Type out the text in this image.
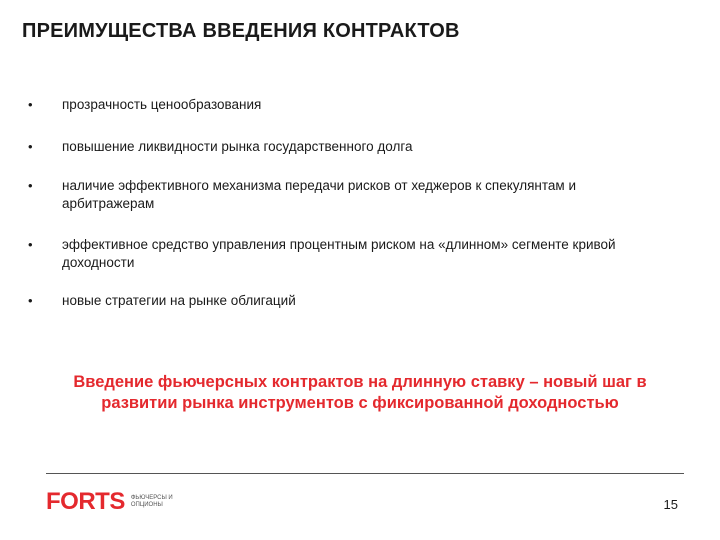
ПРЕИМУЩЕСТВА ВВЕДЕНИЯ КОНТРАКТОВ
• прозрачность ценообразования
• повышение ликвидности рынка государственного долга
• наличие эффективного механизма передачи рисков от хеджеров к спекулянтам и арбитражерам
• эффективное средство управления процентным риском на «длинном» сегменте кривой доходности
• новые стратегии на рынке облигаций
Введение фьючерсных контрактов на длинную ставку – новый шаг в развитии рынка инструментов с фиксированной доходностью
FORTS ФЬЮЧЕРСЫ И ОПЦИОНЫ	15
